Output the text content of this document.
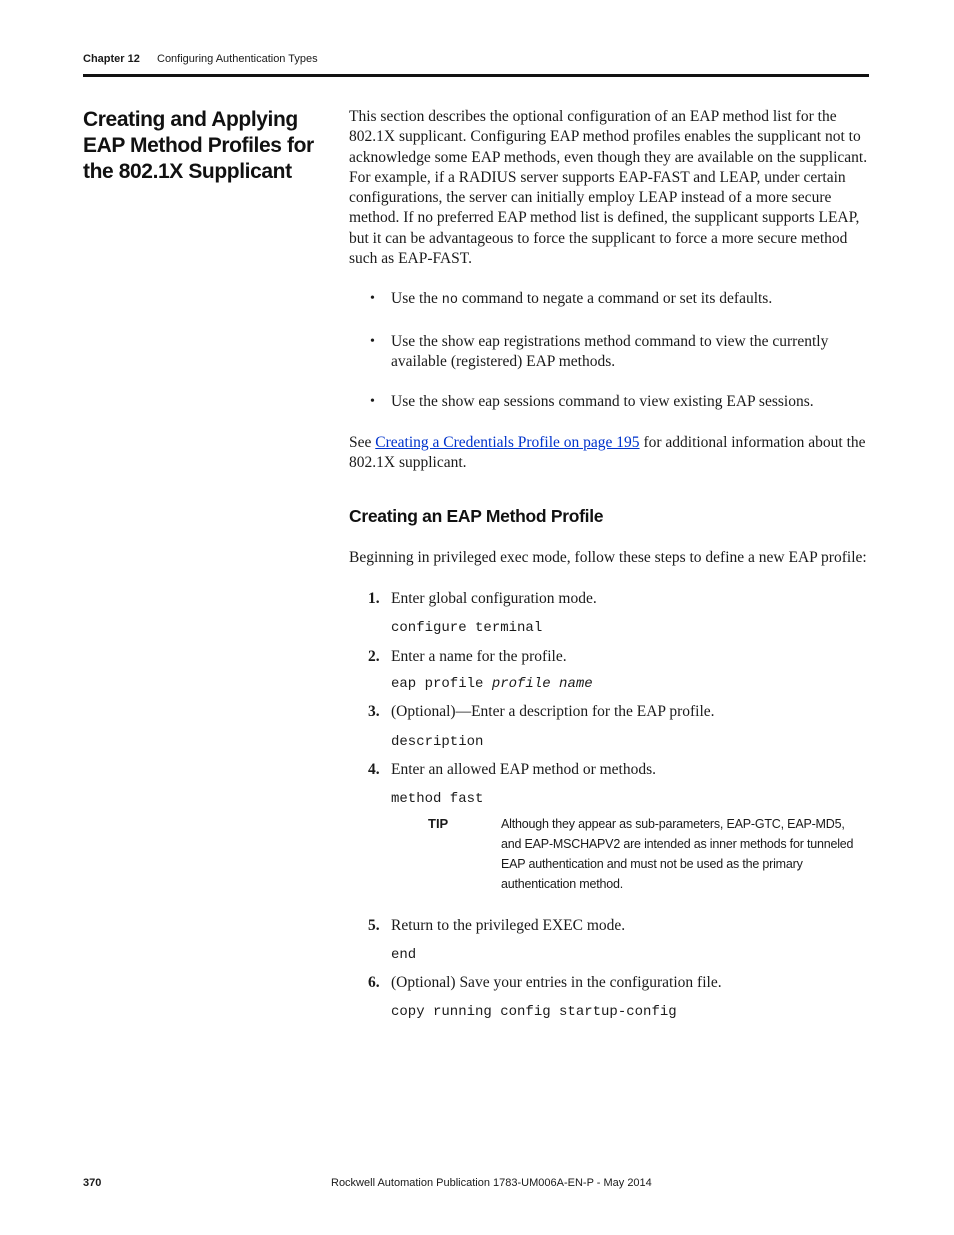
Chapter 12 Configuring Authentication Types
Creating and Applying EAP Method Profiles for the 802.1X Supplicant

This section describes the optional configuration of an EAP method list for the 802.1X supplicant. Configuring EAP method profiles enables the supplicant not to acknowledge some EAP methods, even though they are available on the supplicant. For example, if a RADIUS server supports EAP-FAST and LEAP, under certain configurations, the server can initially employ LEAP instead of a more secure method. If no preferred EAP method list is defined, the supplicant supports LEAP, but it can be advantageous to force the supplicant to force a more secure method such as EAP-FAST.

• Use the no command to negate a command or set its defaults.
• Use the show eap registrations method command to view the currently available (registered) EAP methods.
• Use the show eap sessions command to view existing EAP sessions.

See Creating a Credentials Profile on page 195 for additional information about the 802.1X supplicant.

Creating an EAP Method Profile

Beginning in privileged exec mode, follow these steps to define a new EAP profile:

1. Enter global configuration mode.
configure terminal
2. Enter a name for the profile.
eap profile profile name
3. (Optional)—Enter a description for the EAP profile.
description
4. Enter an allowed EAP method or methods.
method fast
TIP	Although they appear as sub-parameters, EAP-GTC, EAP-MD5, and EAP-MSCHAPV2 are intended as inner methods for tunneled EAP authentication and must not be used as the primary authentication method.
5. Return to the privileged EXEC mode.
end
6. (Optional) Save your entries in the configuration file.
copy running config startup-config
370	Rockwell Automation Publication 1783-UM006A-EN-P - May 2014
